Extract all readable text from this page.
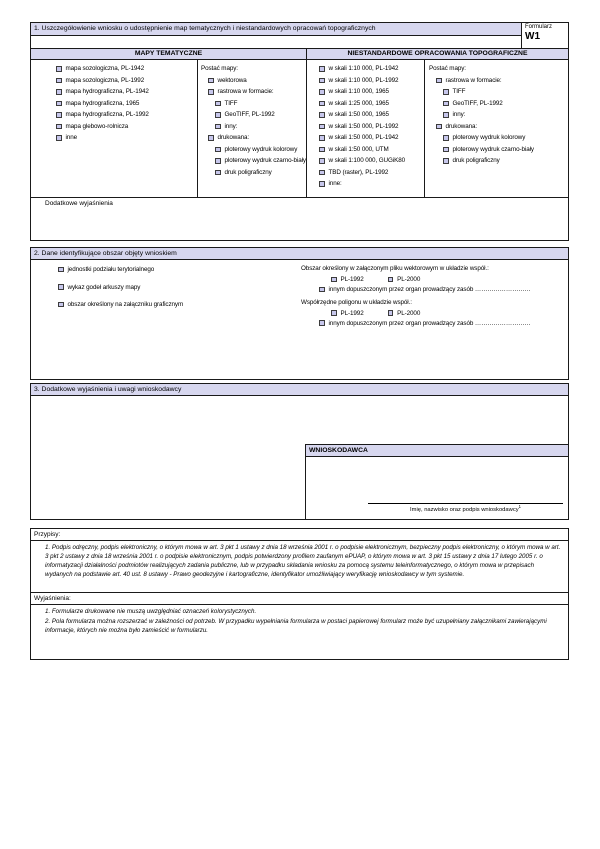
1. Uszczegółowienie wniosku o udostępnienie map tematycznych i niestandardowych opracowań topograficznych	Formularz
W1
MAPY TEMATYCZNE	NIESTANDARDOWE OPRACOWANIA TOPOGRAFICZNE
mapa sozologiczna, PL-1942
mapa sozologiczna, PL-1992
mapa hydrograficzna, PL-1942
mapa hydrograficzna, 1965
mapa hydrograficzna, PL-1992
mapa glebowo-rolnicza
inne
Postać mapy:
wektorowa
rastrowa w formacie:
TIFF
GeoTIFF, PL-1992
inny:
drukowana:
ploterowy wydruk kolorowy
ploterowy wydruk czarno-biały
druk poligraficzny
w skali 1:10 000, PL-1942
w skali 1:10 000, PL-1992
w skali 1:10 000, 1965
w skali 1:25 000, 1965
w skali 1:50 000, 1965
w skali 1:50 000, PL-1992
w skali 1:50 000, PL-1942
w skali 1:50 000, UTM
w skali 1:100 000, GUGiK80
TBD (raster), PL-1992
inne:
Postać mapy:
rastrowa w formacie:
TIFF
GeoTIFF, PL-1992
inny:
drukowana:
ploterowy wydruk kolorowy
ploterowy wydruk czarno-biały
druk poligraficzny
Dodatkowe wyjaśnienia
2. Dane identyfikujące obszar objęty wnioskiem
jednostki podziału terytorialnego
wykaz godeł arkuszy mapy
obszar określony na załączniku graficznym
Obszar określony w załączonym pliku wektorowym w układzie współ.:
PL-1992	PL-2000
innym dopuszczonym przez organ prowadzący zasób ………………………
Współrzędne poligonu w układzie współ.:
PL-1992	PL-2000
innym dopuszczonym przez organ prowadzący zasób ………………………
3. Dodatkowe wyjaśnienia i uwagi wnioskodawcy
WNIOSKODAWCA
Imię, nazwisko oraz podpis wnioskodawcy$^1$
Przypisy:

1. Podpis odręczny, podpis elektroniczny, o którym mowa w art. 3 pkt 1 ustawy z dnia 18 września 2001 r. o podpisie elektronicznym, bezpieczny podpis elektroniczny, o którym mowa w art. 3 pkt 2 ustawy z dnia 18 września 2001 r. o podpisie elektronicznym, podpis potwierdzony profilem zaufanym ePUAP, o którym mowa w art. 3 pkt 15 ustawy z dnia 17 lutego 2005 r. o informatyzacji działalności podmiotów realizujących zadania publiczne, lub w przypadku składania wniosku za pomocą systemu teleinformatycznego, o którym mowa w przepisach wydanych na podstawie art. 40 ust. 8 ustawy - Prawo geodezyjne i kartograficzne, identyfikator umożliwiający weryfikację wnioskodawcy w tym systemie.

Wyjaśnienia:

1. Formularze drukowane nie muszą uwzględniać oznaczeń kolorystycznych.

2. Pola formularza można rozszerzać w zależności od potrzeb. W przypadku wypełniania formularza w postaci papierowej formularz może być uzupełniany załącznikami zawierającymi informacje, których nie można było zamieścić w formularzu.
